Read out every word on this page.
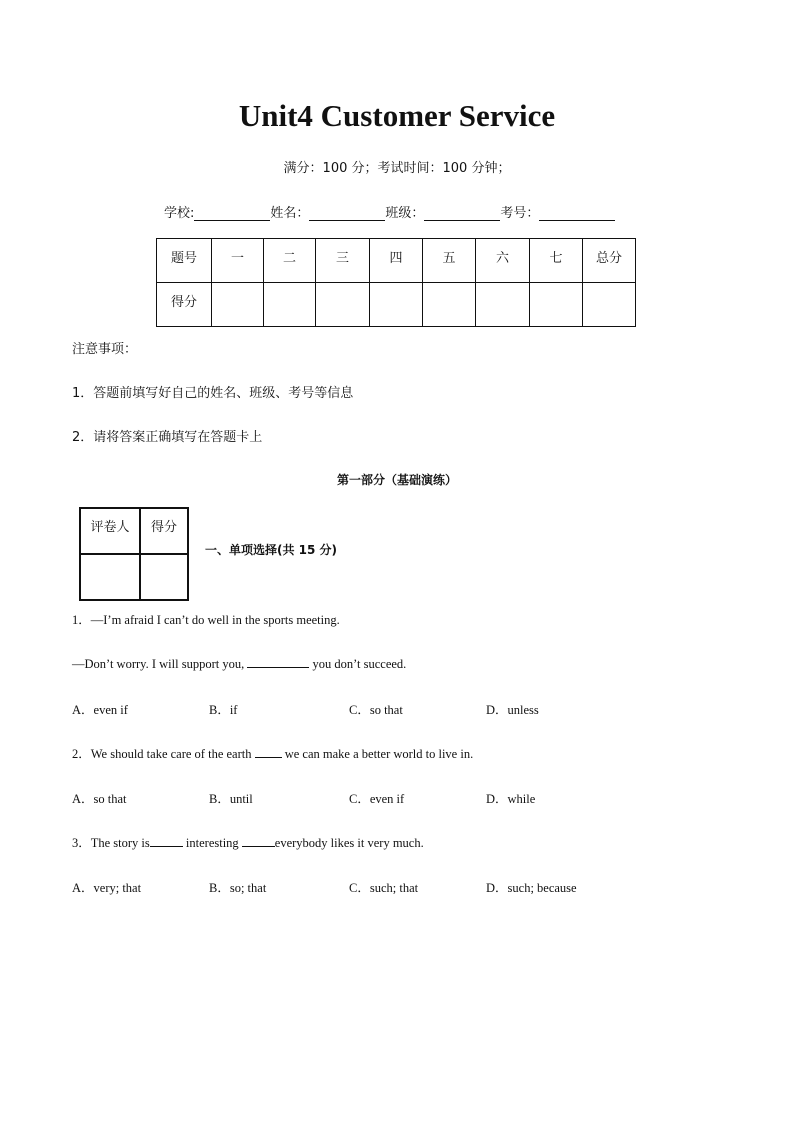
Unit4 Customer Service
满分：100 分；考试时间：100 分钟；
学校:	姓名：	班级：	考号：
题号	一	二	三	四	五	六	七	总分
得分								
注意事项：
1．答题前填写好自己的姓名、班级、考号等信息
2．请将答案正确填写在答题卡上
第一部分（基础演练）
评卷人	得分

一、单项选择(共 15 分)
1．—I’m afraid I can’t do well in the sports meeting.
—Don’t worry. I will support you,	you don’t succeed.
A．even if	B．if	C．so that	D．unless
2．We should take care of the earth  we can make a better world to live in.
A．so that	B．until	C．even if	D．while
3．The story is	interesting	everybody likes it very much.
A．very; that	B．so; that	C．such; that	D．such; because
